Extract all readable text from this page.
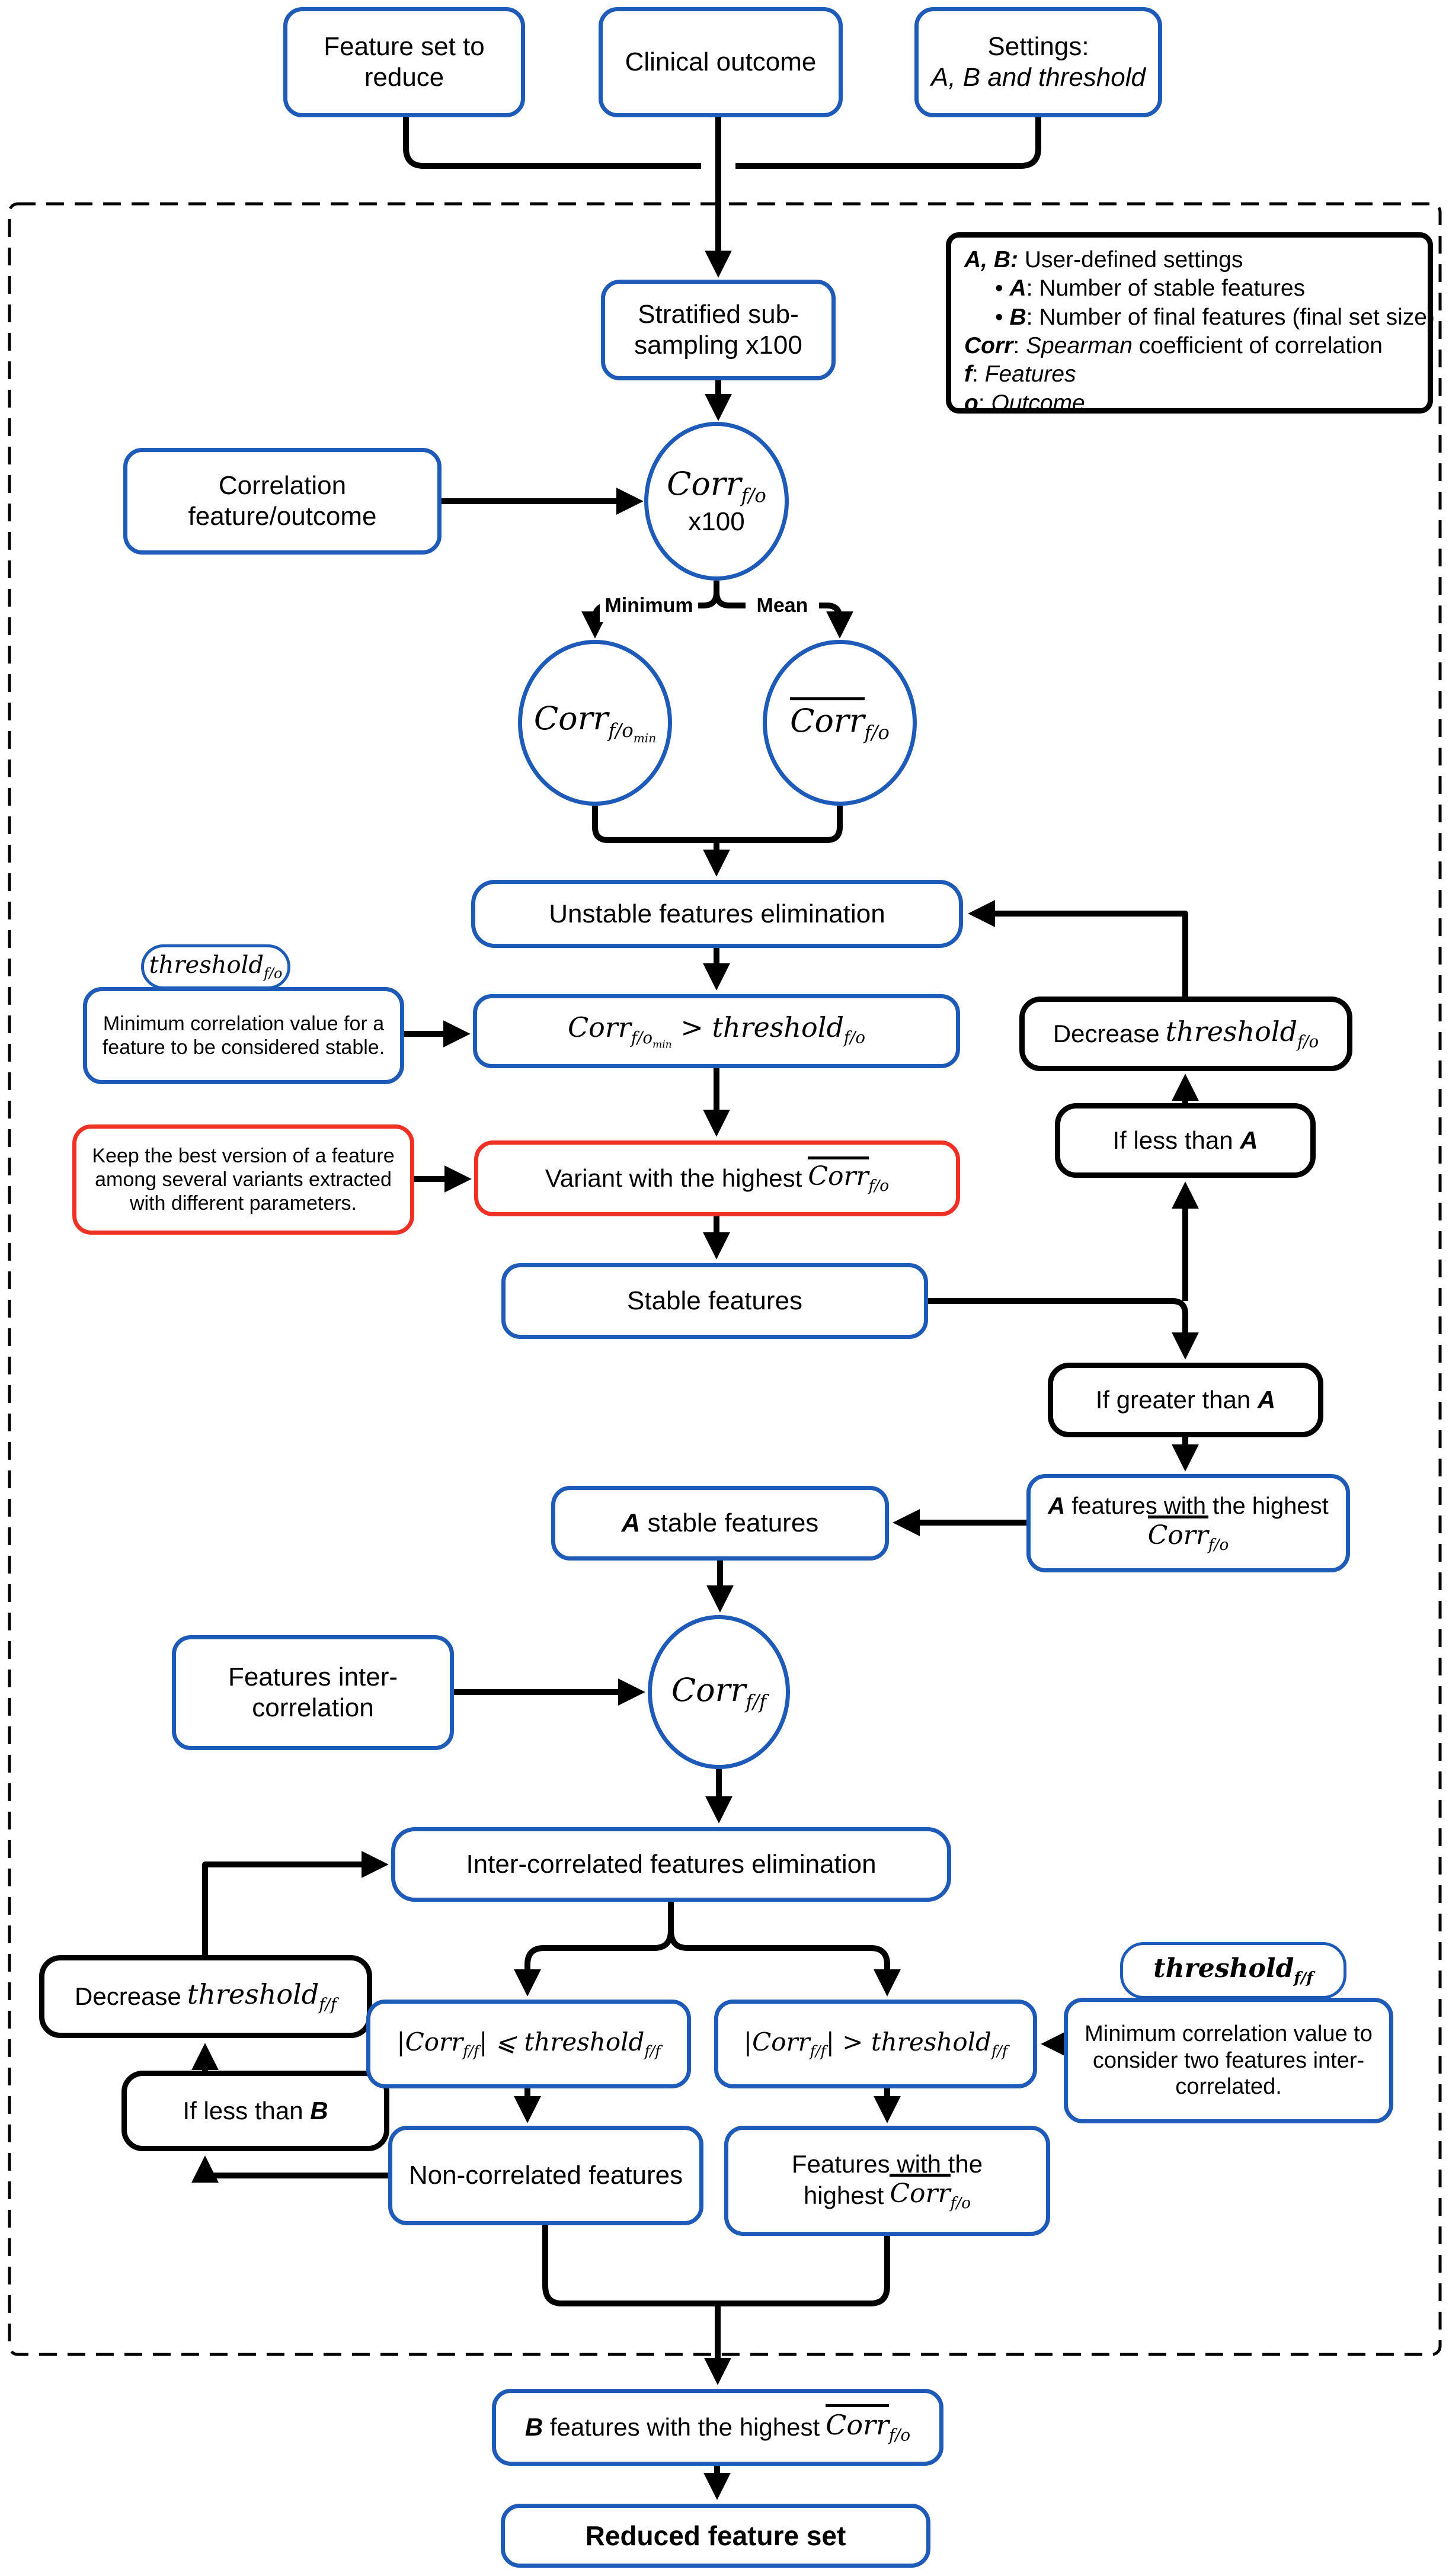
Feature set to reduce
Clinical outcome
Settings:
A, B and threshold
A, B: User-defined settings
• A: Number of stable features
• B: Number of final features (final set size)
Corr: Spearman coefficient of correlation
f: Features
o: Outcome
Stratified sub-
sampling x100
Corr$_{f/o}$
x100
Correlation
feature/outcome
Minimum	Mean
Corr$_{f/o_{min}}$	Corr$_{f/o}$
Unstable features elimination
threshold$_{f/o}$
Minimum correlation value for a feature to be considered stable.
Corr$_{f/o_{min}}$ > threshold$_{f/o}$
Keep the best version of a feature among several variants extracted with different parameters.
Variant with the highest Corr$_{f/o}$
Stable features
Decrease threshold$_{f/o}$
If less than A
If greater than A
A features with the highest
Corr$_{f/o}$
A stable features
Features inter-
correlation	Corr$_{f/f}$
Inter-correlated features elimination
Decrease threshold$_{f/f}$
If less than B
|Corr$_{f/f}$| ⩽ threshold$_{f/f}$	|Corr$_{f/f}$| > threshold$_{f/f}$
threshold$_{f/f}$
Minimum correlation value to consider two features inter-correlated.
Non-correlated features	Features with the
highest Corr$_{f/o}$
B features with the highest Corr$_{f/o}$
Reduced feature set
